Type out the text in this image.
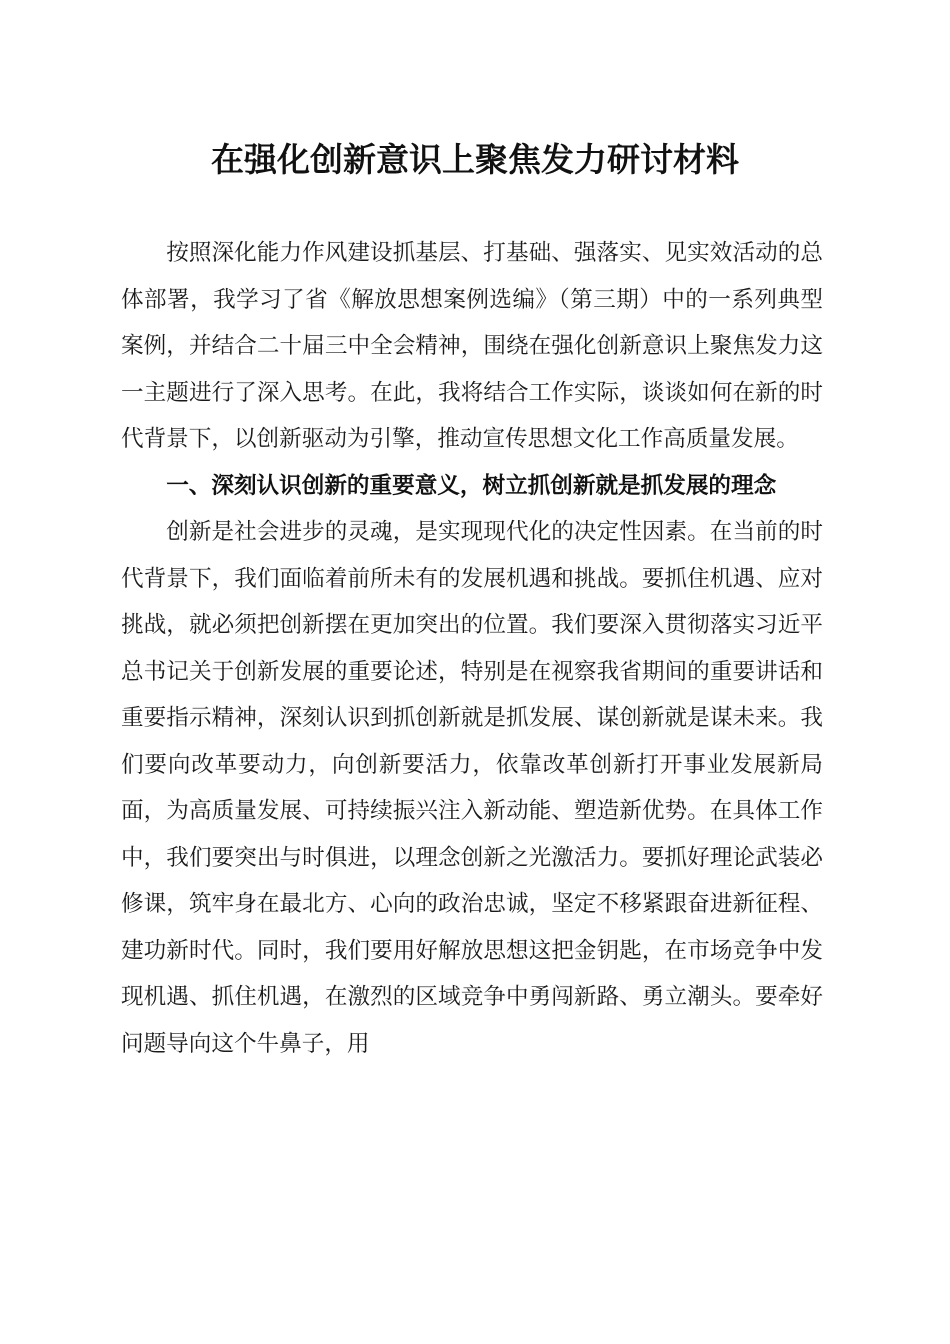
在强化创新意识上聚焦发力研讨材料

按照深化能力作风建设抓基层、打基础、强落实、见实效活动的总体部署，我学习了省《解放思想案例选编》（第三期）中的一系列典型案例，并结合二十届三中全会精神，围绕在强化创新意识上聚焦发力这一主题进行了深入思考。在此，我将结合工作实际，谈谈如何在新的时代背景下，以创新驱动为引擎，推动宣传思想文化工作高质量发展。

一、深刻认识创新的重要意义，树立抓创新就是抓发展的理念

创新是社会进步的灵魂，是实现现代化的决定性因素。在当前的时代背景下，我们面临着前所未有的发展机遇和挑战。要抓住机遇、应对挑战，就必须把创新摆在更加突出的位置。我们要深入贯彻落实习近平总书记关于创新发展的重要论述，特别是在视察我省期间的重要讲话和重要指示精神，深刻认识到抓创新就是抓发展、谋创新就是谋未来。我们要向改革要动力，向创新要活力，依靠改革创新打开事业发展新局面，为高质量发展、可持续振兴注入新动能、塑造新优势。在具体工作中，我们要突出与时俱进，以理念创新之光激活力。要抓好理论武装必修课，筑牢身在最北方、心向的政治忠诚，坚定不移紧跟奋进新征程、建功新时代。同时，我们要用好解放思想这把金钥匙，在市场竞争中发现机遇、抓住机遇，在激烈的区域竞争中勇闯新路、勇立潮头。要牵好问题导向这个牛鼻子，用
